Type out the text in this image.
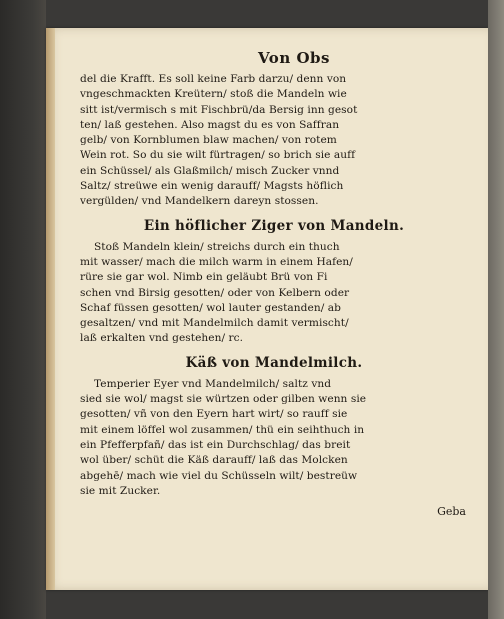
Von Obs
del die Krafft. Es soll keine Farb darzu/ denn von
vngeschmackten Kreütern/ stoß die Mandeln wie
sitt ist/vermisch s mit Fischbrü/da Bersig inn gesot
ten/ laß gestehen. Also magst du es von Saffran
gelb/ von Kornblumen blaw machen/ von rotem
Wein rot. So du sie wilt fürtragen/ so brich sie auff
ein Schüssel/ als Glaßmilch/ misch Zucker vnnd
Saltz/ streüwe ein wenig darauff/ Magsts höflich
vergülden/ vnd Mandelkern dareyn stossen.
Ein höflicher Ziger von Mandeln.
Stoß Mandeln klein/ streichs durch ein thuch
mit wasser/ mach die milch warm in einem Hafen/
rüre sie gar wol. Nimb ein geläubt Brü von Fi
schen vnd Birsig gesotten/ oder von Kelbern oder
Schaf füssen gesotten/ wol lauter gestanden/ ab
gesaltzen/ vnd mit Mandelmilch damit vermischt/
laß erkalten vnd gestehen/ rc.
Käß von Mandelmilch.
Temperier Eyer vnd Mandelmilch/ saltz vnd
sied sie wol/ magst sie würtzen oder gilben wenn sie
gesotten/ vñ von den Eyern hart wirt/ so rauff sie
mit einem löffel wol zusammen/ thü ein seihthuch in
ein Pfefferpfañ/ das ist ein Durchschlag/ das breit
wol über/ schüt die Käß darauff/ laß das Molcken
abgehē/ mach wie viel du Schüsseln wilt/ bestreüw
sie mit Zucker.
Geba
